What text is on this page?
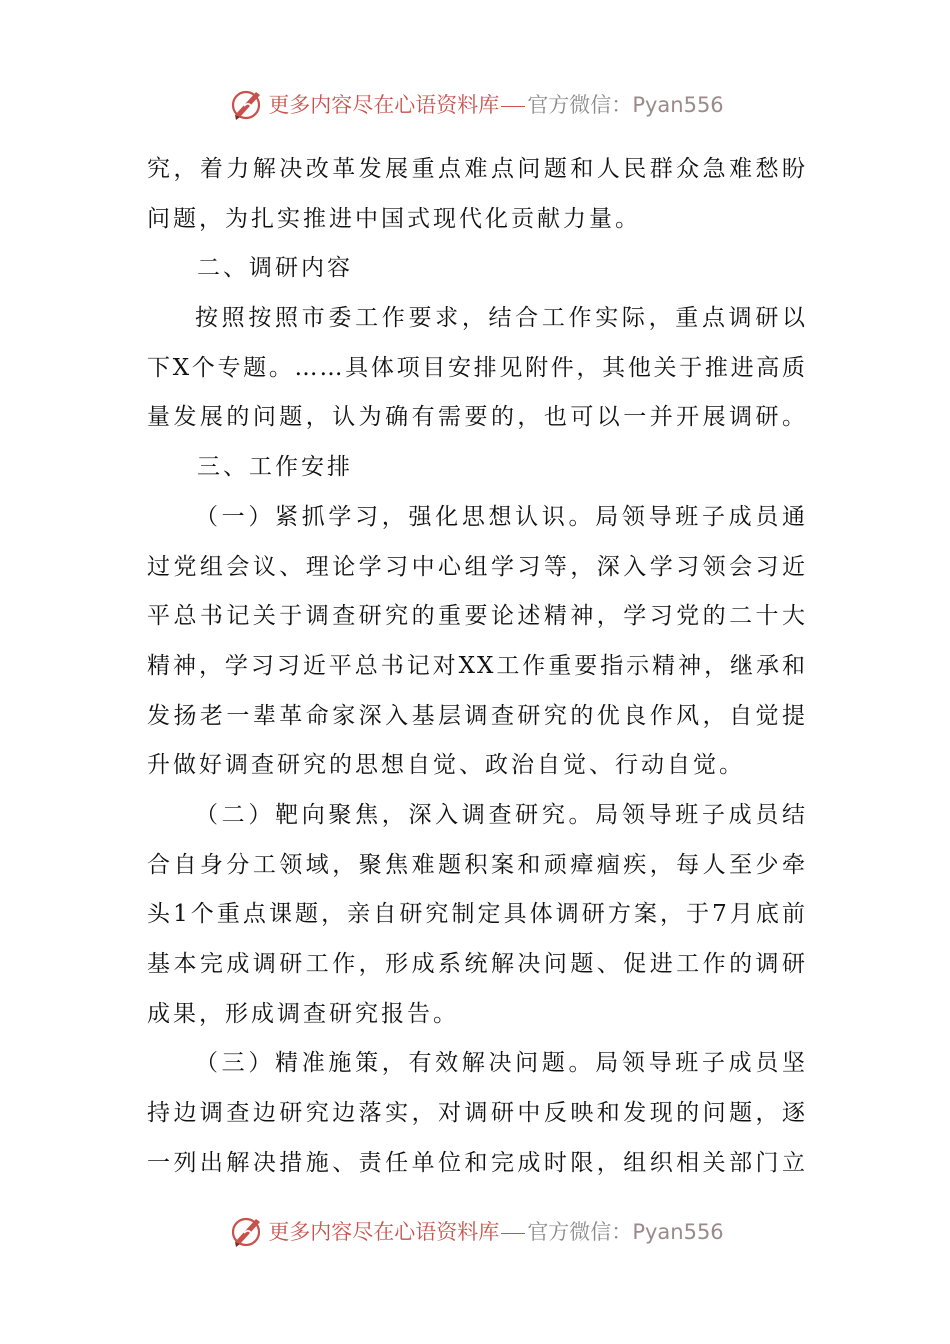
更多内容尽在心语资料库 官方微信：Pyan556
究，着力解决改革发展重点难点问题和人民群众急难愁盼
问题，为扎实推进中国式现代化贡献力量。
二、调研内容
按照按照市委工作要求，结合工作实际，重点调研以
下X个专题。……具体项目安排见附件，其他关于推进高质
量发展的问题，认为确有需要的，也可以一并开展调研。
三、工作安排
（一）紧抓学习，强化思想认识。局领导班子成员通
过党组会议、理论学习中心组学习等，深入学习领会习近
平总书记关于调查研究的重要论述精神，学习党的二十大
精神，学习习近平总书记对XX工作重要指示精神，继承和
发扬老一辈革命家深入基层调查研究的优良作风，自觉提
升做好调查研究的思想自觉、政治自觉、行动自觉。
（二）靶向聚焦，深入调查研究。局领导班子成员结
合自身分工领域，聚焦难题积案和顽瘴痼疾，每人至少牵
头1个重点课题，亲自研究制定具体调研方案，于7月底前
基本完成调研工作，形成系统解决问题、促进工作的调研
成果，形成调查研究报告。
（三）精准施策，有效解决问题。局领导班子成员坚
持边调查边研究边落实，对调研中反映和发现的问题，逐
一列出解决措施、责任单位和完成时限，组织相关部门立
更多内容尽在心语资料库 官方微信：Pyan556
